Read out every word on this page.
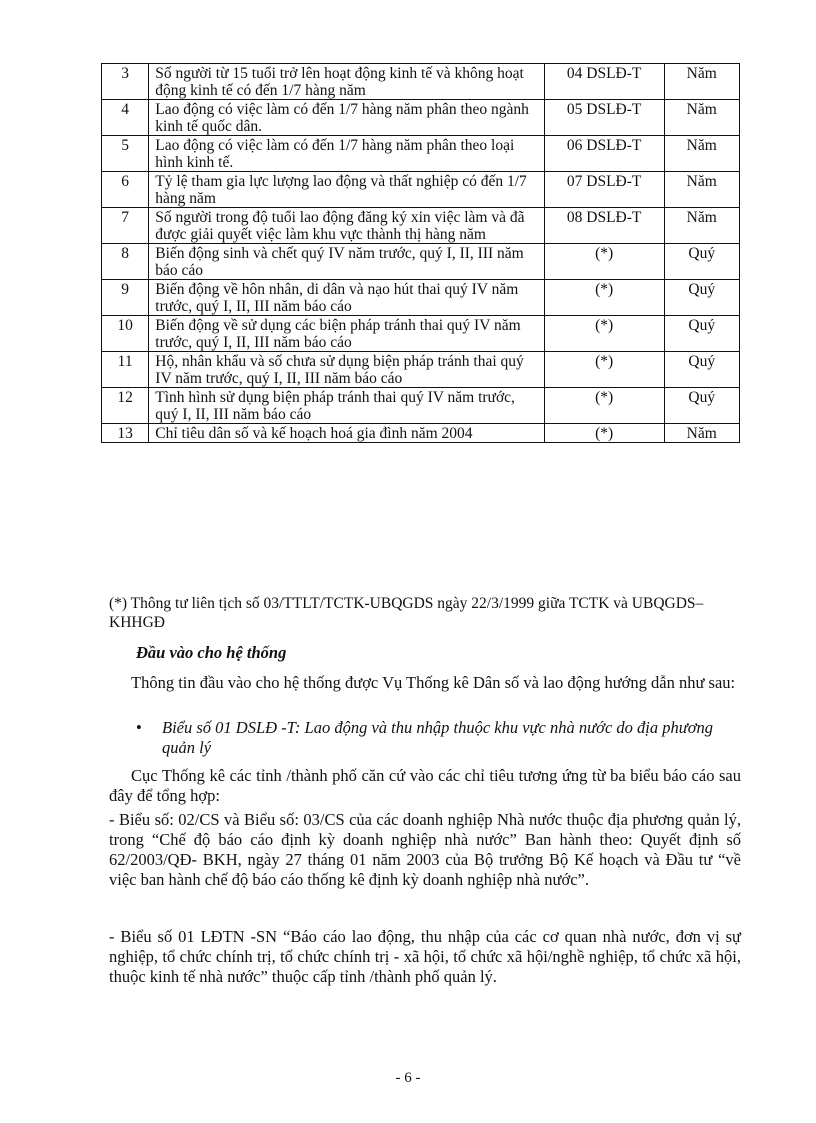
3	Số người từ 15 tuổi trở lên hoạt động kinh tế và không hoạt động kinh tế có đến 1/7 hàng năm	04 DSLĐ-T	Năm
4	Lao động có việc làm có đến 1/7 hàng năm phân theo ngành kinh tế quốc dân.	05 DSLĐ-T	Năm
5	Lao động có việc làm có đến 1/7 hàng năm phân theo loại hình kinh tế.	06 DSLĐ-T	Năm
6	Tỷ lệ tham gia lực lượng lao động và thất nghiệp có đến 1/7 hàng năm	07 DSLĐ-T	Năm
7	Số người trong độ tuổi lao động đăng ký xin việc làm và đã được giải quyết việc làm khu vực thành thị hàng năm	08 DSLĐ-T	Năm
8	Biến động sinh và chết quý IV năm trước, quý I, II, III năm báo cáo	(*)	Quý
9	Biến động về hôn nhân, di dân và nạo hút thai quý IV năm trước, quý I, II, III năm báo cáo	(*)	Quý
10	Biến động về sử dụng các biện pháp tránh thai quý IV năm trước, quý I, II, III năm báo cáo	(*)	Quý
11	Hộ, nhân khẩu và số chưa sử dụng biện pháp tránh thai quý IV năm trước, quý I, II, III năm báo cáo	(*)	Quý
12	Tình hình sử dụng biện pháp tránh thai quý IV năm trước, quý I, II, III năm báo cáo	(*)	Quý
13	Chỉ tiêu dân số và kế hoạch hoá gia đình năm 2004	(*)	Năm
(*) Thông tư liên tịch số 03/TTLT/TCTK-UBQGDS ngày 22/3/1999 giữa TCTK và UBQGDS–KHHGĐ
Đầu vào cho hệ thống

Thông tin đầu vào cho hệ thống được Vụ Thống kê Dân số và lao động hướng dẫn như sau:

•	Biểu số 01 DSLĐ -T: Lao động và thu nhập thuộc khu vực nhà nước do địa phương quản lý

Cục Thống kê các tỉnh /thành phố căn cứ vào các chỉ tiêu tương ứng từ ba biểu báo cáo sau đây để tổng hợp:

- Biểu số: 02/CS và Biểu số: 03/CS của các doanh nghiệp Nhà nước thuộc địa phương quản lý, trong “Chế độ báo cáo định kỳ doanh nghiệp nhà nước” Ban hành theo: Quyết định số 62/2003/QĐ- BKH, ngày 27 tháng 01 năm 2003 của Bộ trưởng Bộ Kế hoạch và Đầu tư “về việc ban hành chế độ báo cáo thống kê định kỳ doanh nghiệp nhà nước”.

- Biểu số 01 LĐTN -SN “Báo cáo lao động, thu nhập của các cơ quan nhà nước, đơn vị sự nghiệp, tổ chức chính trị, tổ chức chính trị - xã hội, tổ chức xã hội/nghề nghiệp, tổ chức xã hội, thuộc kinh tế nhà nước” thuộc cấp tỉnh /thành phố quản lý.

- 6 -
